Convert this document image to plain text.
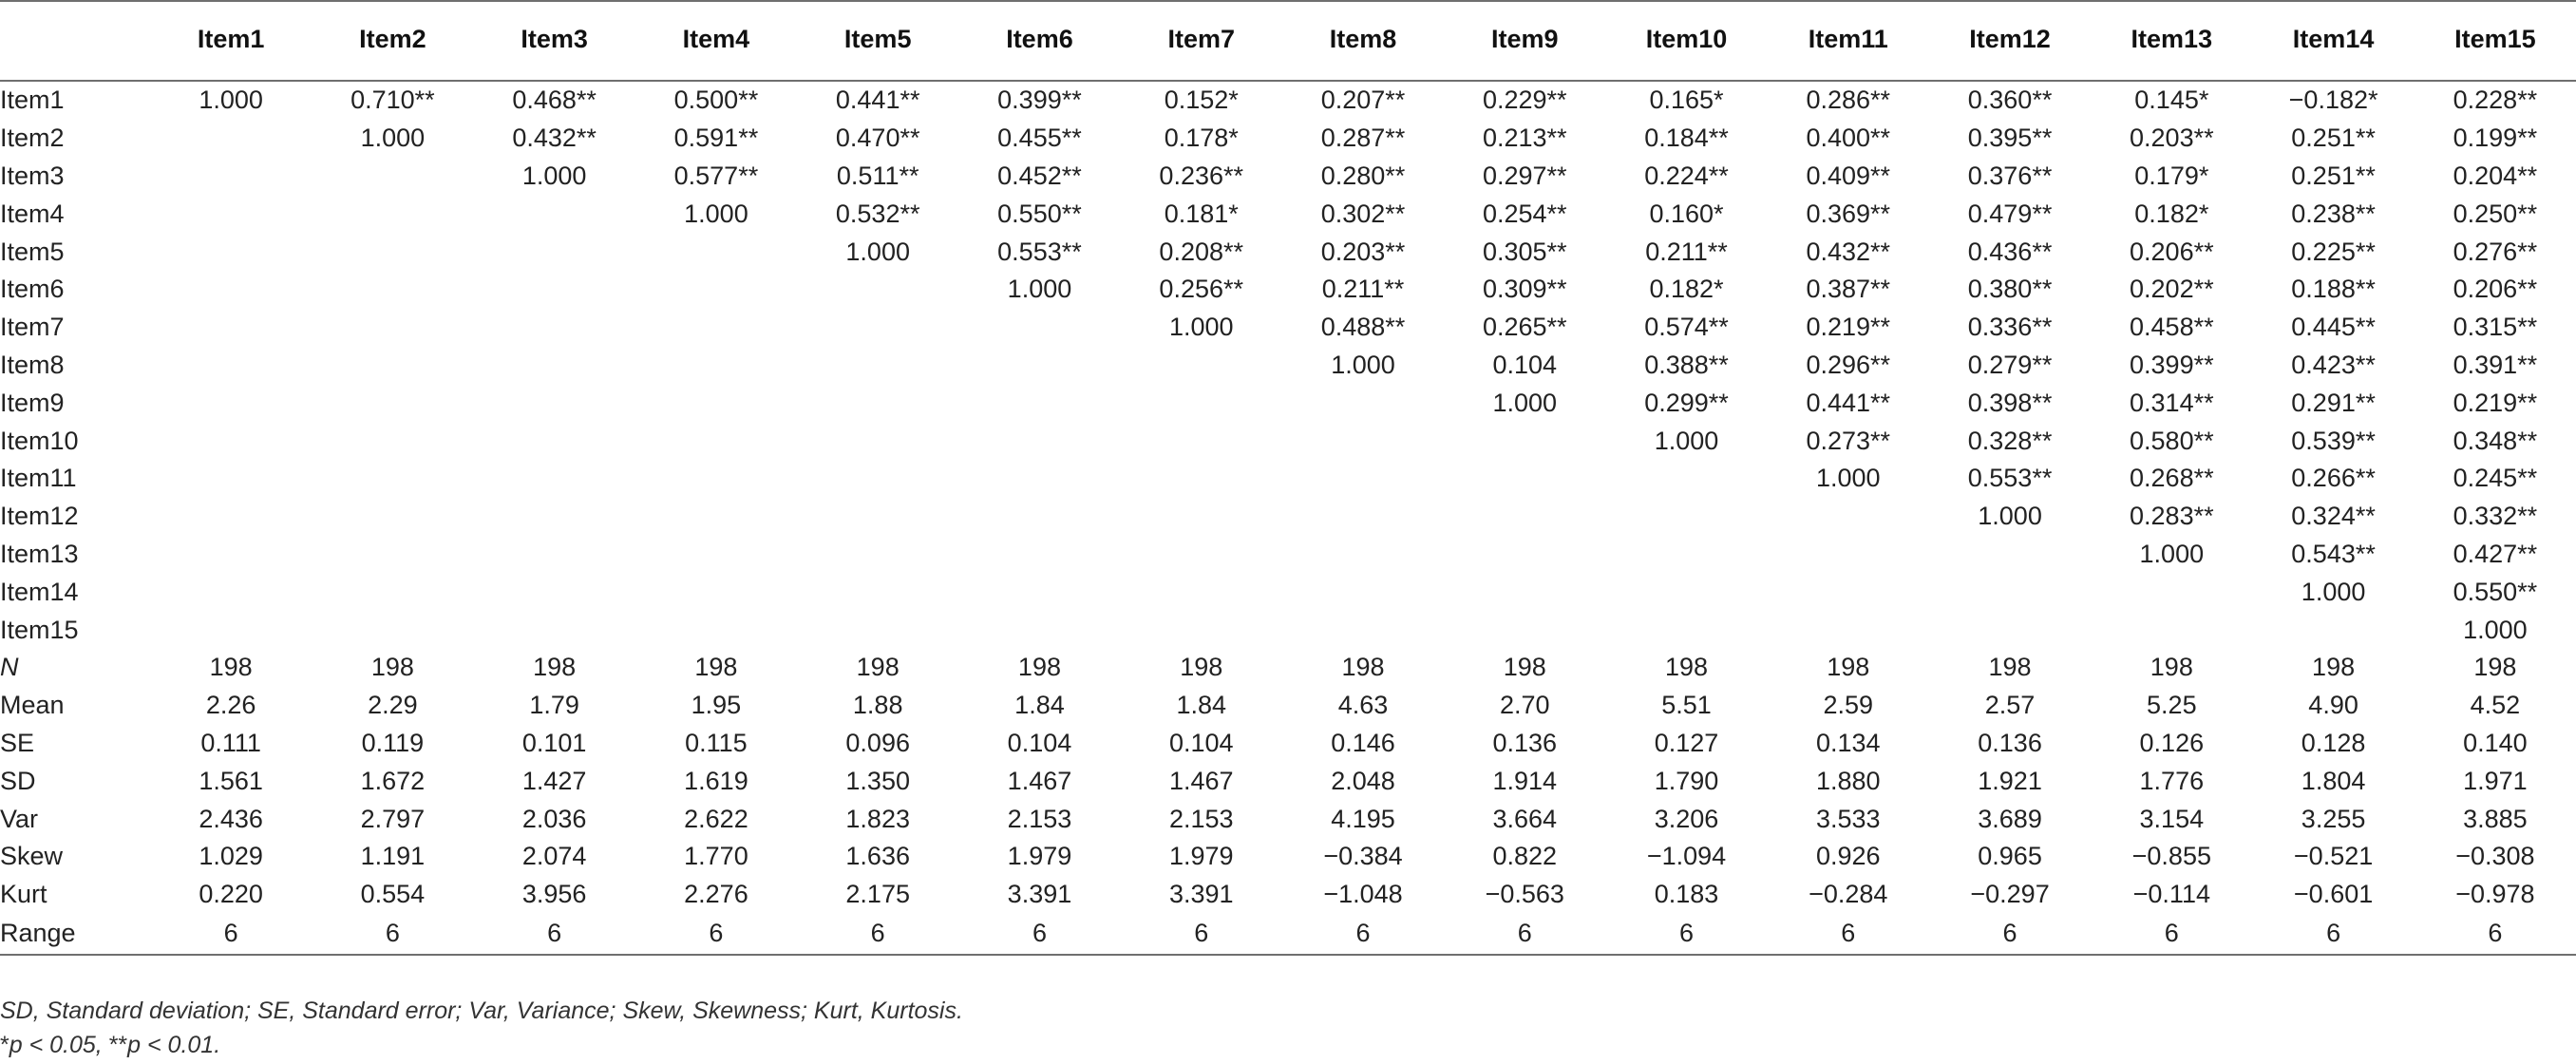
	Item1	Item2	Item3	Item4	Item5	Item6	Item7	Item8	Item9	Item10	Item11	Item12	Item13	Item14	Item15
Item1	1.000	0.710**	0.468**	0.500**	0.441**	0.399**	0.152*	0.207**	0.229**	0.165*	0.286**	0.360**	0.145*	−0.182*	0.228**
Item2		1.000	0.432**	0.591**	0.470**	0.455**	0.178*	0.287**	0.213**	0.184**	0.400**	0.395**	0.203**	0.251**	0.199**
Item3			1.000	0.577**	0.511**	0.452**	0.236**	0.280**	0.297**	0.224**	0.409**	0.376**	0.179*	0.251**	0.204**
Item4				1.000	0.532**	0.550**	0.181*	0.302**	0.254**	0.160*	0.369**	0.479**	0.182*	0.238**	0.250**
Item5					1.000	0.553**	0.208**	0.203**	0.305**	0.211**	0.432**	0.436**	0.206**	0.225**	0.276**
Item6						1.000	0.256**	0.211**	0.309**	0.182*	0.387**	0.380**	0.202**	0.188**	0.206**
Item7							1.000	0.488**	0.265**	0.574**	0.219**	0.336**	0.458**	0.445**	0.315**
Item8								1.000	0.104	0.388**	0.296**	0.279**	0.399**	0.423**	0.391**
Item9									1.000	0.299**	0.441**	0.398**	0.314**	0.291**	0.219**
Item10										1.000	0.273**	0.328**	0.580**	0.539**	0.348**
Item11											1.000	0.553**	0.268**	0.266**	0.245**
Item12												1.000	0.283**	0.324**	0.332**
Item13													1.000	0.543**	0.427**
Item14														1.000	0.550**
Item15															1.000
N	198	198	198	198	198	198	198	198	198	198	198	198	198	198	198
Mean	2.26	2.29	1.79	1.95	1.88	1.84	1.84	4.63	2.70	5.51	2.59	2.57	5.25	4.90	4.52
SE	0.111	0.119	0.101	0.115	0.096	0.104	0.104	0.146	0.136	0.127	0.134	0.136	0.126	0.128	0.140
SD	1.561	1.672	1.427	1.619	1.350	1.467	1.467	2.048	1.914	1.790	1.880	1.921	1.776	1.804	1.971
Var	2.436	2.797	2.036	2.622	1.823	2.153	2.153	4.195	3.664	3.206	3.533	3.689	3.154	3.255	3.885
Skew	1.029	1.191	2.074	1.770	1.636	1.979	1.979	−0.384	0.822	−1.094	0.926	0.965	−0.855	−0.521	−0.308
Kurt	0.220	0.554	3.956	2.276	2.175	3.391	3.391	−1.048	−0.563	0.183	−0.284	−0.297	−0.114	−0.601	−0.978
Range	6	6	6	6	6	6	6	6	6	6	6	6	6	6	6
SD, Standard deviation; SE, Standard error; Var, Variance; Skew, Skewness; Kurt, Kurtosis.
*p < 0.05, **p < 0.01.
